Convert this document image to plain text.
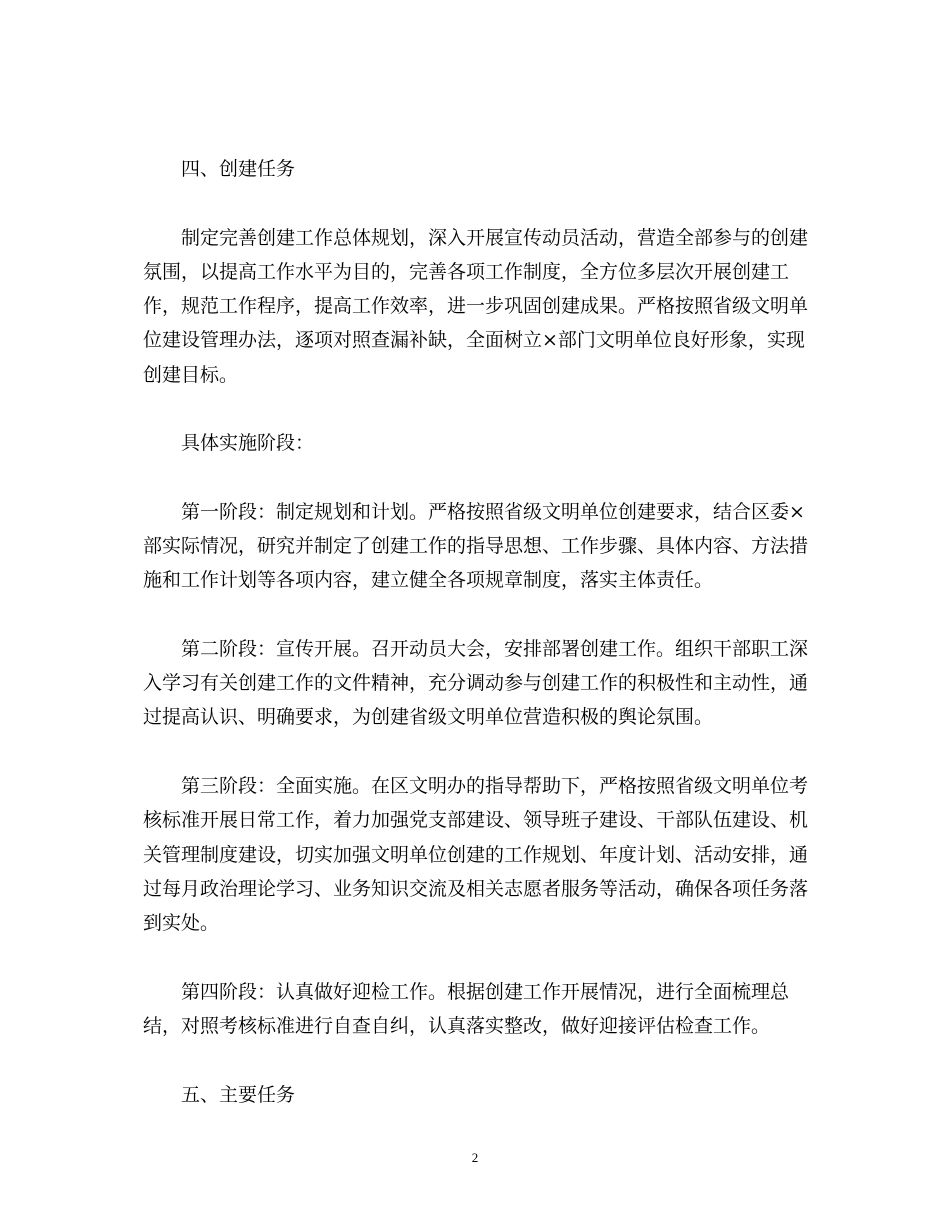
四、创建任务

制定完善创建工作总体规划，深入开展宣传动员活动，营造全部参与的创建氛围，以提高工作水平为目的，完善各项工作制度，全方位多层次开展创建工作，规范工作程序，提高工作效率，进一步巩固创建成果。严格按照省级文明单位建设管理办法，逐项对照查漏补缺，全面树立×部门文明单位良好形象，实现创建目标。

具体实施阶段：

第一阶段：制定规划和计划。严格按照省级文明单位创建要求，结合区委×部实际情况，研究并制定了创建工作的指导思想、工作步骤、具体内容、方法措施和工作计划等各项内容，建立健全各项规章制度，落实主体责任。

第二阶段：宣传开展。召开动员大会，安排部署创建工作。组织干部职工深入学习有关创建工作的文件精神，充分调动参与创建工作的积极性和主动性，通过提高认识、明确要求，为创建省级文明单位营造积极的舆论氛围。

第三阶段：全面实施。在区文明办的指导帮助下，严格按照省级文明单位考核标准开展日常工作，着力加强党支部建设、领导班子建设、干部队伍建设、机关管理制度建设，切实加强文明单位创建的工作规划、年度计划、活动安排，通过每月政治理论学习、业务知识交流及相关志愿者服务等活动，确保各项任务落到实处。

第四阶段：认真做好迎检工作。根据创建工作开展情况，进行全面梳理总结，对照考核标准进行自查自纠，认真落实整改，做好迎接评估检查工作。

五、主要任务

2
